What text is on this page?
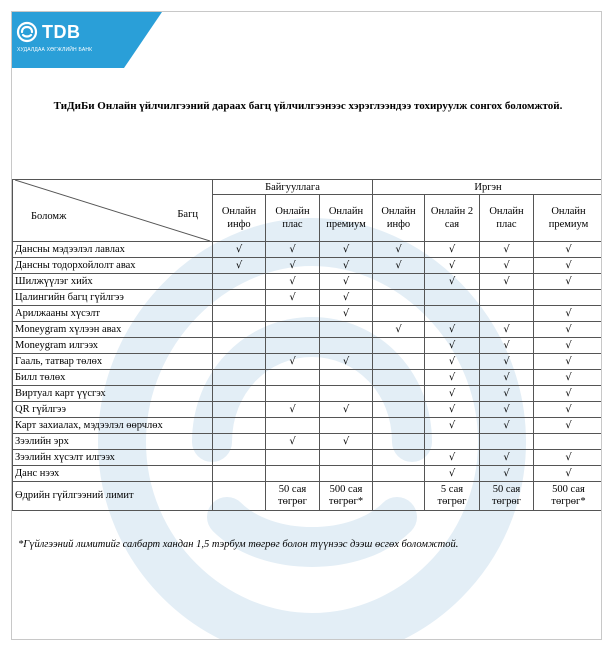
TDB
ХУДАЛДАА ХӨГЖЛИЙН БАНК
ТиДиБи Онлайн үйлчилгээний дараах багц үйлчилгээнээс хэрэглээндээ тохируулж сонгох боломжтой.
Боломж Багц	Байгууллага			Иргэн			
	Онлайн инфо	Онлайн плас	Онлайн премиум	Онлайн инфо	Онлайн 2 сая	Онлайн плас	Онлайн премиум
Дансны мэдээлэл лавлах	√	√	√	√	√	√	√
Дансны тодорхойлолт авах	√	√	√	√	√	√	√
Шилжүүлэг хийх		√	√		√	√	√
Цалингийн багц гүйлгээ		√	√				
Арилжааны хүсэлт			√				√
Moneygram хүлээн авах				√	√	√	√
Moneygram илгээх					√	√	√
Гааль, татвар төлөх		√	√		√	√	√
Билл төлөх					√	√	√
Виртуал карт үүсгэх					√	√	√
QR гүйлгээ		√	√		√	√	√
Карт захиалах, мэдээлэл өөрчлөх					√	√	√
Зээлийн эрх		√	√				
Зээлийн хүсэлт илгээх					√	√	√
Данс нээх					√	√	√
Өдрийн гүйлгээний лимит		50 сая төгрөг	500 сая төгрөг*		5 сая төгрөг	50 сая төгрөг	500 сая төгрөг*
*Гүйлгээний лимитийг салбарт хандан 1,5 тэрбум төгрөг болон түүнээс дээш өсгөх боломжтой.
